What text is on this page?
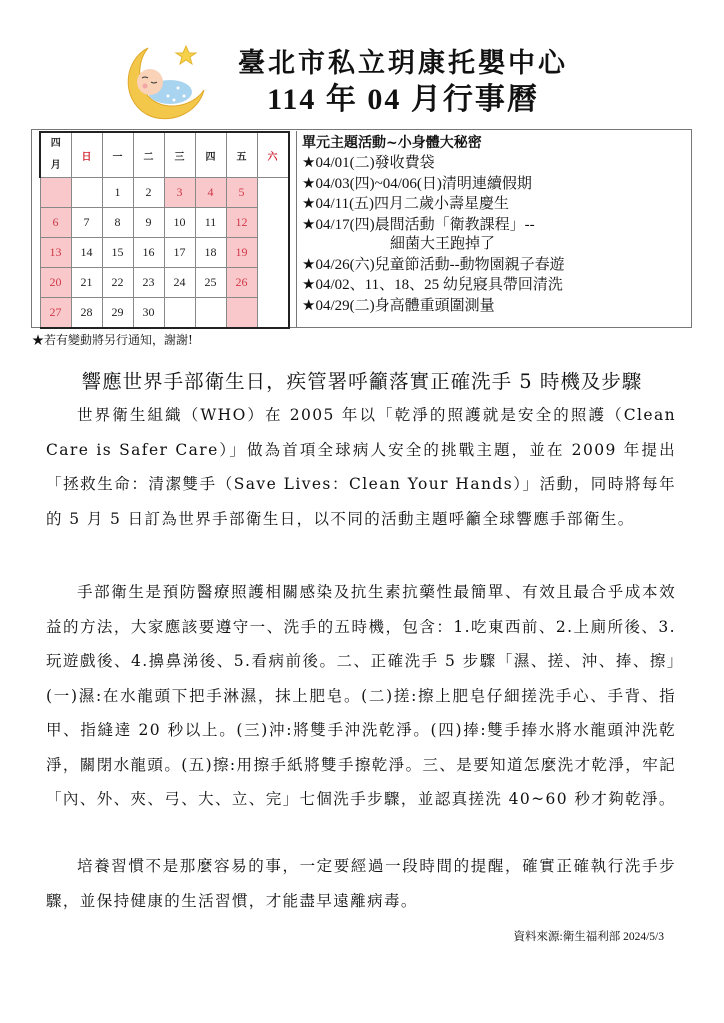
臺北市私立玥康托嬰中心
114 年 04 月行事曆
四
月	日	一	二	三	四	五	六
		1	2	3	4	5	
6	7	8	9	10	11	12	
13	14	15	16	17	18	19	
20	21	22	23	24	25	26	
27	28	29	30				
單元主題活動~小身體大秘密
★04/01(二)發收費袋
★04/03(四)~04/06(日)清明連續假期
★04/11(五)四月二歲小壽星慶生
★04/17(四)晨間活動「衛教課程」--
細菌大王跑掉了
★04/26(六)兒童節活動--動物園親子春遊
★04/02、11、18、25 幼兒寢具帶回清洗
★04/29(二)身高體重頭圍測量
★若有變動將另行通知，謝謝!
響應世界手部衛生日，疾管署呼籲落實正確洗手 5 時機及步驟

世界衛生組織（WHO）在 2005 年以「乾淨的照護就是安全的照護（Clean Care is Safer Care）」做為首項全球病人安全的挑戰主題，並在 2009 年提出「拯救生命：清潔雙手（Save Lives：Clean Your Hands）」活動，同時將每年的 5 月 5 日訂為世界手部衛生日，以不同的活動主題呼籲全球響應手部衛生。

手部衛生是預防醫療照護相關感染及抗生素抗藥性最簡單、有效且最合乎成本效益的方法，大家應該要遵守一、洗手的五時機，包含：1.吃東西前、2.上廁所後、3.玩遊戲後、4.擤鼻涕後、5.看病前後。二、正確洗手 5 步驟「濕、搓、沖、捧、擦」(一)濕:在水龍頭下把手淋濕，抹上肥皂。(二)搓:擦上肥皂仔細搓洗手心、手背、指甲、指縫達 20 秒以上。(三)沖:將雙手沖洗乾淨。(四)捧:雙手捧水將水龍頭沖洗乾淨，關閉水龍頭。(五)擦:用擦手紙將雙手擦乾淨。三、是要知道怎麼洗才乾淨，牢記「內、外、夾、弓、大、立、完」七個洗手步驟，並認真搓洗 40~60 秒才夠乾淨。

培養習慣不是那麼容易的事，一定要經過一段時間的提醒，確實正確執行洗手步驟，並保持健康的生活習慣，才能盡早遠離病毒。

資料來源:衛生福利部 2024/5/3
